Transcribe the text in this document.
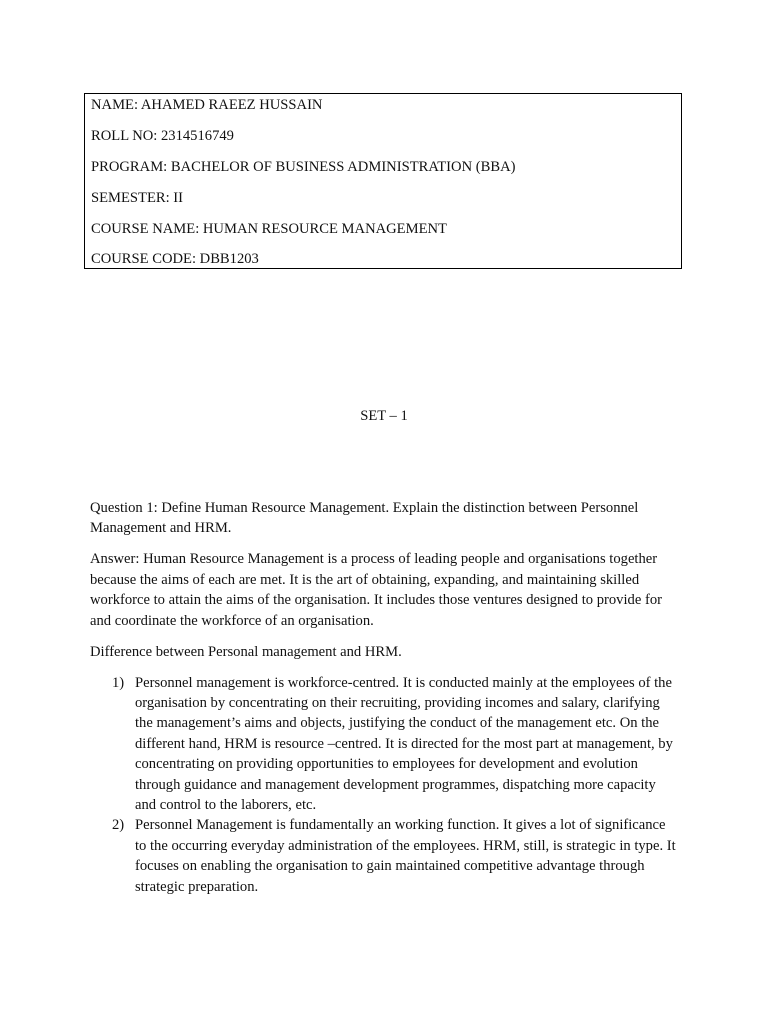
NAME: AHAMED RAEEZ HUSSAIN
ROLL NO: 2314516749
PROGRAM: BACHELOR OF BUSINESS ADMINISTRATION (BBA)
SEMESTER: II
COURSE NAME: HUMAN RESOURCE MANAGEMENT
COURSE CODE: DBB1203
SET – 1

Question 1: Define Human Resource Management. Explain the distinction between Personnel Management and HRM.

Answer: Human Resource Management is a process of leading people and organisations together because the aims of each are met. It is the art of obtaining, expanding, and maintaining skilled workforce to attain the aims of the organisation. It includes those ventures designed to provide for and coordinate the workforce of an organisation.

Difference between Personal management and HRM.

1) Personnel management is workforce-centred. It is conducted mainly at the employees of the organisation by concentrating on their recruiting, providing incomes and salary, clarifying the management’s aims and objects, justifying the conduct of the management etc. On the different hand, HRM is resource –centred. It is directed for the most part at management, by concentrating on providing opportunities to employees for development and evolution through guidance and management development programmes, dispatching more capacity and control to the laborers, etc.
2) Personnel Management is fundamentally an working function. It gives a lot of significance to the occurring everyday administration of the employees. HRM, still, is strategic in type. It focuses on enabling the organisation to gain maintained competitive advantage through strategic preparation.
